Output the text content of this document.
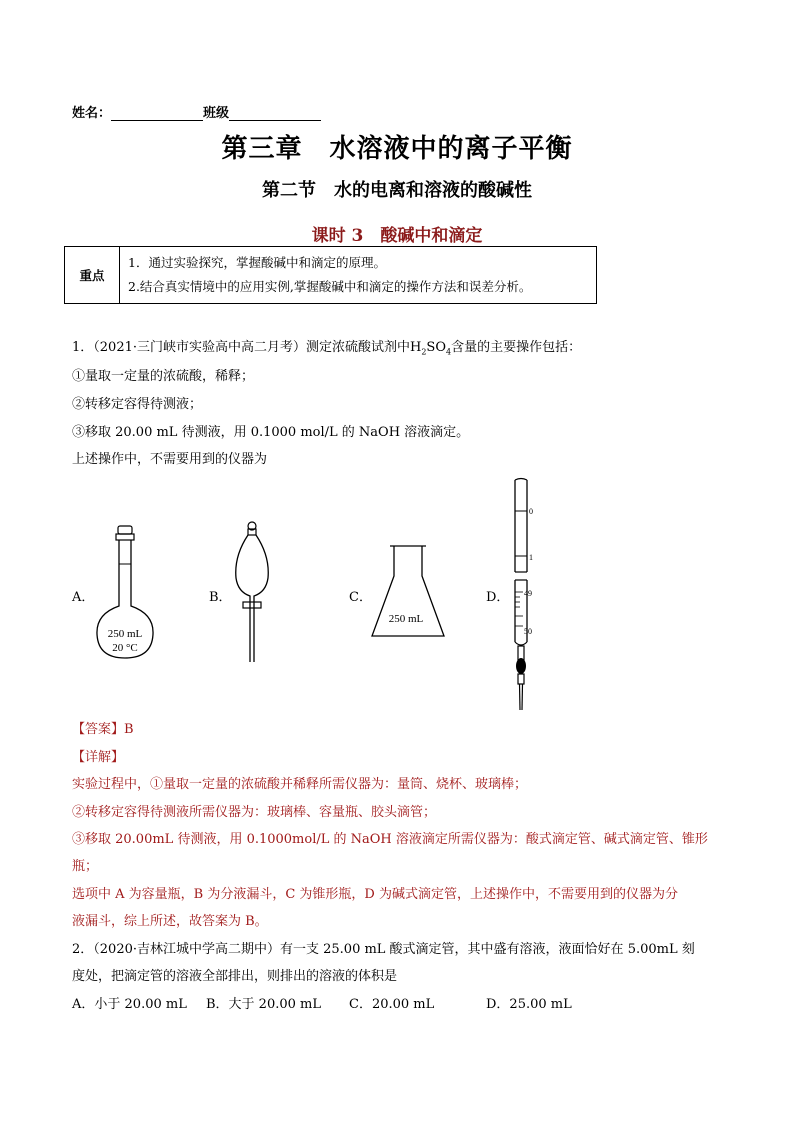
姓名：	班级
第三章　水溶液中的离子平衡
第二节　水的电离和溶液的酸碱性
课时 3　酸碱中和滴定
重点	
1．通过实验探究，掌握酸碱中和滴定的原理。
2.结合真实情境中的应用实例,掌握酸碱中和滴定的操作方法和误差分析。
1．（2021·三门峡市实验高中高二月考）测定浓硫酸试剂中$H_2SO_4$含量的主要操作包括：
①量取一定量的浓硫酸，稀释；
②转移定容得待测液；
③移取 20.00 mL 待测液，用 0.1000 mol/L 的 NaOH 溶液滴定。
上述操作中，不需要用到的仪器为
A．
250 mL
20 °C
B．	C．
250 mL
D．
0
1
49
50
【答案】B
【详解】
实验过程中，①量取一定量的浓硫酸并稀释所需仪器为：量筒、烧杯、玻璃棒；
②转移定容得待测液所需仪器为：玻璃棒、容量瓶、胶头滴管；
③移取 20.00mL 待测液，用 0.1000mol/L 的 NaOH 溶液滴定所需仪器为：酸式滴定管、碱式滴定管、锥形
瓶；
选项中 A 为容量瓶，B 为分液漏斗，C 为锥形瓶，D 为碱式滴定管，上述操作中，不需要用到的仪器为分
液漏斗，综上所述，故答案为 B。
2．（2020·吉林江城中学高二期中）有一支 25.00 mL 酸式滴定管，其中盛有溶液，液面恰好在 5.00mL 刻
度处，把滴定管的溶液全部排出，则排出的溶液的体积是
A．小于 20.00 mL B．大于 20.00 mL C．20.00 mL	D．25.00 mL
